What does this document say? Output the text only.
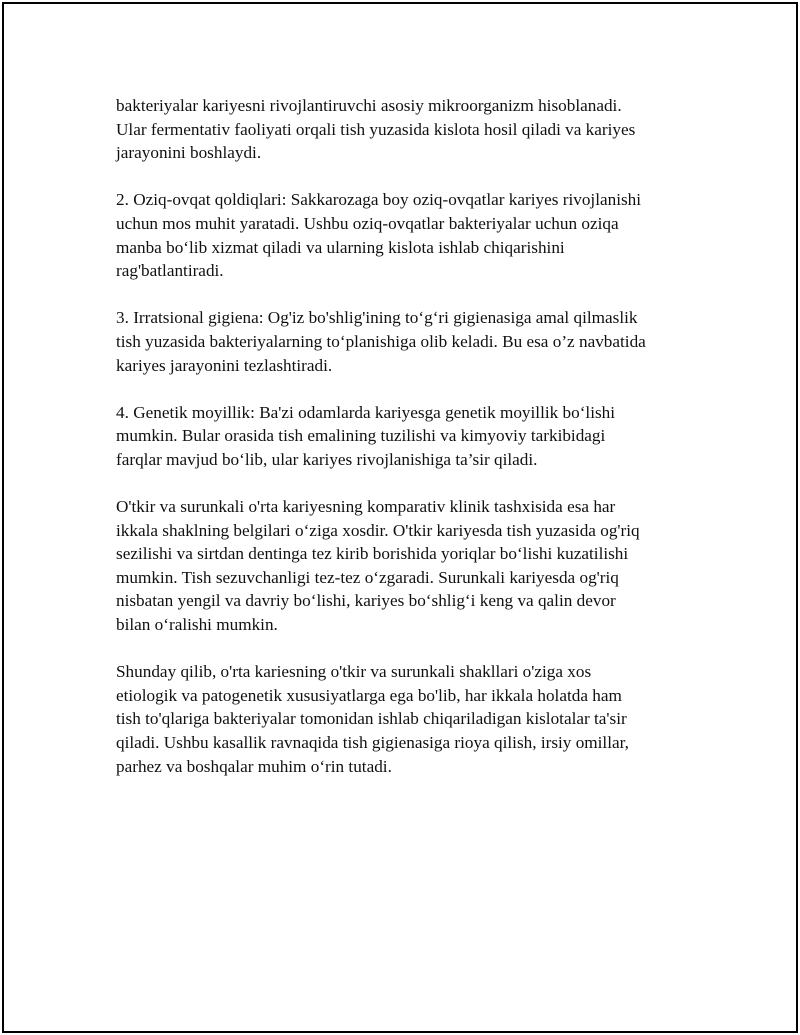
bakteriyalar kariyesni rivojlantiruvchi asosiy mikroorganizm hisoblanadi.
Ular fermentativ faoliyati orqali tish yuzasida kislota hosil qiladi va kariyes
jarayonini boshlaydi.

2. Oziq-ovqat qoldiqlari: Sakkarozaga boy oziq-ovqatlar kariyes rivojlanishi
uchun mos muhit yaratadi. Ushbu oziq-ovqatlar bakteriyalar uchun oziqa
manba bo‘lib xizmat qiladi va ularning kislota ishlab chiqarishini
rag'batlantiradi.

3. Irratsional gigiena: Og'iz bo'shlig'ining to‘g‘ri gigienasiga amal qilmaslik
tish yuzasida bakteriyalarning to‘planishiga olib keladi. Bu esa o’z navbatida
kariyes jarayonini tezlashtiradi.

4. Genetik moyillik: Ba'zi odamlarda kariyesga genetik moyillik bo‘lishi
mumkin. Bular orasida tish emalining tuzilishi va kimyoviy tarkibidagi
farqlar mavjud bo‘lib, ular kariyes rivojlanishiga ta’sir qiladi.

O'tkir va surunkali o'rta kariyesning komparativ klinik tashxisida esa har
ikkala shaklning belgilari o‘ziga xosdir. O'tkir kariyesda tish yuzasida og'riq
sezilishi va sirtdan dentinga tez kirib borishida yoriqlar bo‘lishi kuzatilishi
mumkin. Tish sezuvchanligi tez-tez o‘zgaradi. Surunkali kariyesda og'riq
nisbatan yengil va davriy bo‘lishi, kariyes bo‘shlig‘i keng va qalin devor
bilan o‘ralishi mumkin.

Shunday qilib, o'rta kariesning o'tkir va surunkali shakllari o'ziga xos
etiologik va patogenetik xususiyatlarga ega bo'lib, har ikkala holatda ham
tish to'qlariga bakteriyalar tomonidan ishlab chiqariladigan kislotalar ta'sir
qiladi. Ushbu kasallik ravnaqida tish gigienasiga rioya qilish, irsiy omillar,
parhez va boshqalar muhim o‘rin tutadi.
